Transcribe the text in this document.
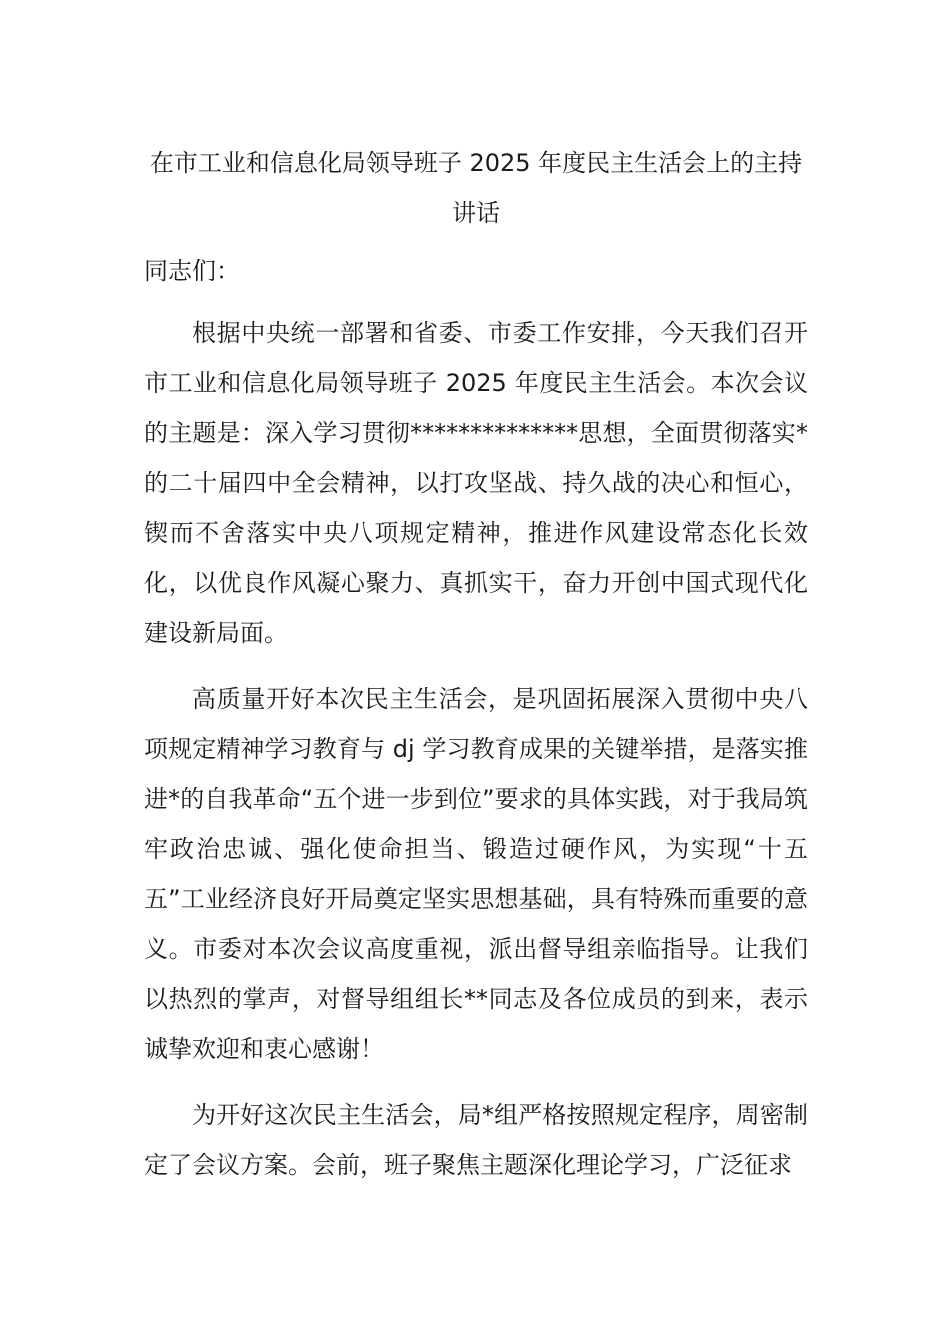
在市工业和信息化局领导班子 2025 年度民主生活会上的主持讲话

同志们：

根据中央统一部署和省委、市委工作安排，今天我们召开市工业和信息化局领导班子 2025 年度民主生活会。本次会议的主题是：深入学习贯彻**************思想，全面贯彻落实*的二十届四中全会精神，以打攻坚战、持久战的决心和恒心，锲而不舍落实中央八项规定精神，推进作风建设常态化长效化，以优良作风凝心聚力、真抓实干，奋力开创中国式现代化建设新局面。

高质量开好本次民主生活会，是巩固拓展深入贯彻中央八项规定精神学习教育与 dj 学习教育成果的关键举措，是落实推进*的自我革命“五个进一步到位”要求的具体实践，对于我局筑牢政治忠诚、强化使命担当、锻造过硬作风，为实现“十五五”工业经济良好开局奠定坚实思想基础，具有特殊而重要的意义。市委对本次会议高度重视，派出督导组亲临指导。让我们以热烈的掌声，对督导组组长**同志及各位成员的到来，表示诚挚欢迎和衷心感谢！

为开好这次民主生活会，局*组严格按照规定程序，周密制定了会议方案。会前，班子聚焦主题深化理论学习，广泛征求
